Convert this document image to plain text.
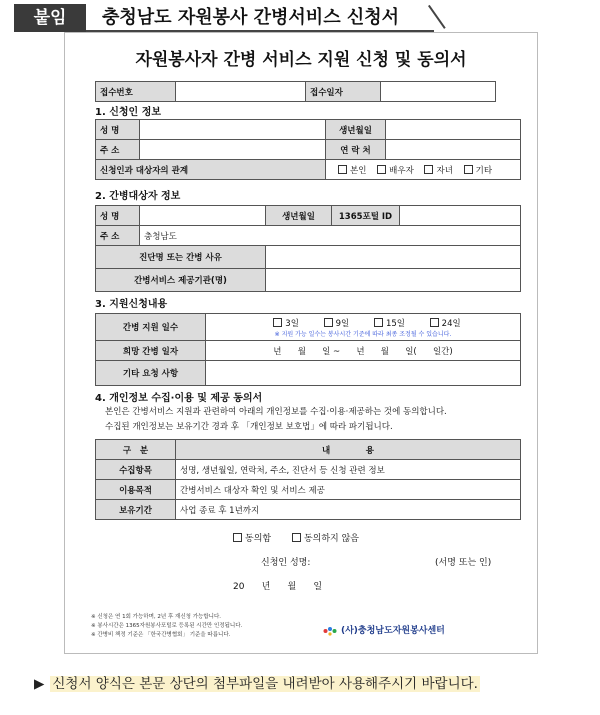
붙임	충청남도 자원봉사 간병서비스 신청서
자원봉사자 간병 서비스 지원 신청 및 동의서
접수번호		접수일자	
1. 신청인 정보
성 명		생년월일	
주 소		연 락 처	
신청인과 대상자의 관계		본인 배우자 자녀 기타	
2. 간병대상자 정보
성 명		생년월일	1365포털 ID	
주 소	충청남도			
진단명 또는 간병 사유				
간병서비스 제공기관(명)				
3. 지원신청내용
간병 지원 일수	3일 9일 15일 24일
※ 지원 가능 일수는 봉사시간 기준에 따라 최종 조정될 수 있습니다.

희망 간병 일자	년      월      일 ~      년      월      일(      일간)
기타 요청 사항	
4. 개인정보 수집·이용 및 제공 동의서
본인은 간병서비스 지원과 관련하여 아래의 개인정보를 수집·이용·제공하는 것에 동의합니다.
수집된 개인정보는 보유기간 경과 후 「개인정보 보호법」에 따라 파기됩니다.
구   분	내            용
수집항목	성명, 생년월일, 연락처, 주소, 진단서 등 신청 관련 정보
이용목적	간병서비스 대상자 확인 및 서비스 제공
보유기간	사업 종료 후 1년까지
동의함	동의하지 않음
신청인 성명:	(서명 또는 인)
20      년      월      일
※ 신청은 연 1회 가능하며, 2년 후 재신청 가능합니다.
※ 봉사시간은 1365자원봉사포털로 등록된 시간만 인정됩니다.
※ 간병비 책정 기준은 「한국간병협회」 기준을 따릅니다.	(사)충청남도자원봉사센터
▶ 신청서 양식은 본문 상단의 첨부파일을 내려받아 사용해주시기 바랍니다.
